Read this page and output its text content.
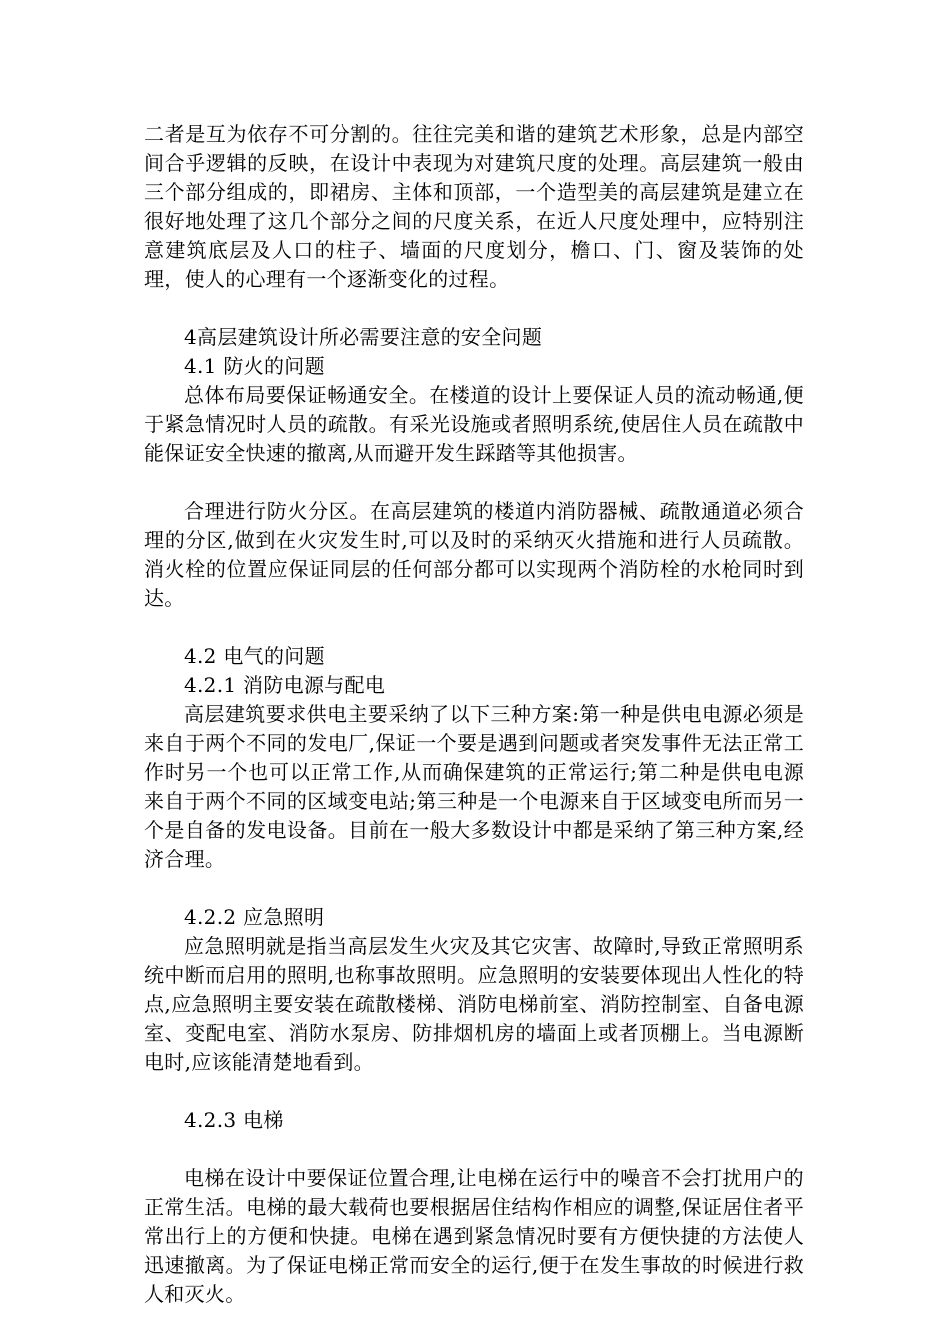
二者是互为依存不可分割的。往往完美和谐的建筑艺术形象，总是内部空间合乎逻辑的反映，在设计中表现为对建筑尺度的处理。高层建筑一般由三个部分组成的，即裙房、主体和顶部，一个造型美的高层建筑是建立在很好地处理了这几个部分之间的尺度关系，在近人尺度处理中，应特别注意建筑底层及人口的柱子、墙面的尺度划分，檐口、门、窗及装饰的处理，使人的心理有一个逐渐变化的过程。

4高层建筑设计所必需要注意的安全问题

4.1 防火的问题

总体布局要保证畅通安全。在楼道的设计上要保证人员的流动畅通,便于紧急情况时人员的疏散。有采光设施或者照明系统,使居住人员在疏散中能保证安全快速的撤离,从而避开发生踩踏等其他损害。

合理进行防火分区。在高层建筑的楼道内消防器械、疏散通道必须合理的分区,做到在火灾发生时,可以及时的采纳灭火措施和进行人员疏散。消火栓的位置应保证同层的任何部分都可以实现两个消防栓的水枪同时到达。

4.2 电气的问题

4.2.1 消防电源与配电

高层建筑要求供电主要采纳了以下三种方案:第一种是供电电源必须是来自于两个不同的发电厂,保证一个要是遇到问题或者突发事件无法正常工作时另一个也可以正常工作,从而确保建筑的正常运行;第二种是供电电源来自于两个不同的区域变电站;第三种是一个电源来自于区域变电所而另一个是自备的发电设备。目前在一般大多数设计中都是采纳了第三种方案,经济合理。

4.2.2 应急照明

应急照明就是指当高层发生火灾及其它灾害、故障时,导致正常照明系统中断而启用的照明,也称事故照明。应急照明的安装要体现出人性化的特点,应急照明主要安装在疏散楼梯、消防电梯前室、消防控制室、自备电源室、变配电室、消防水泵房、防排烟机房的墙面上或者顶棚上。当电源断电时,应该能清楚地看到。

4.2.3 电梯

电梯在设计中要保证位置合理,让电梯在运行中的噪音不会打扰用户的正常生活。电梯的最大载荷也要根据居住结构作相应的调整,保证居住者平常出行上的方便和快捷。电梯在遇到紧急情况时要有方便快捷的方法使人迅速撤离。为了保证电梯正常而安全的运行,便于在发生事故的时候进行救人和灭火。
